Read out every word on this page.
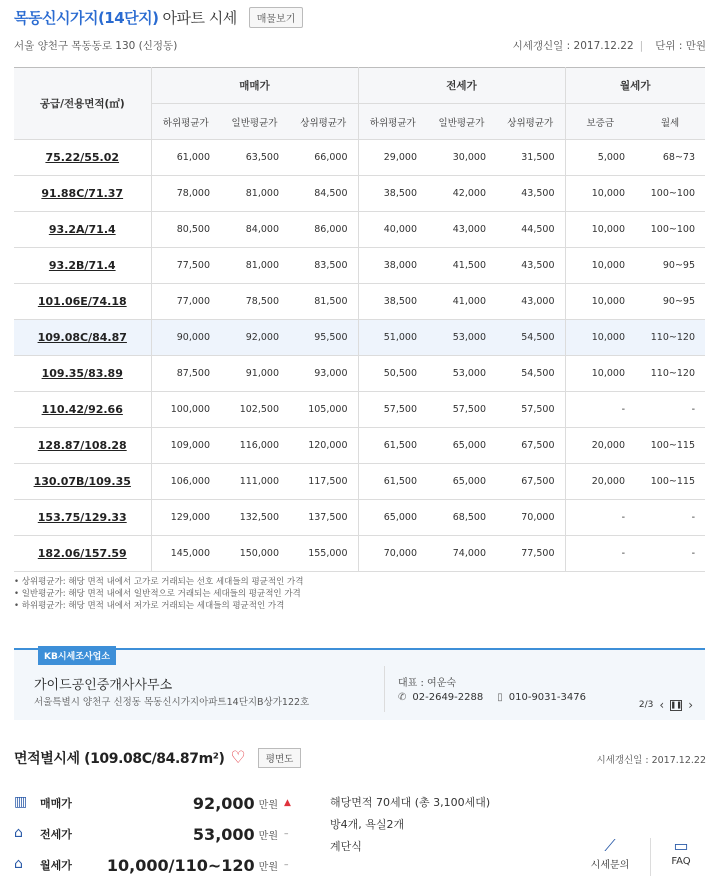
목동신시가지(14단지) 아파트 시세	매물보기
서울 양천구 목동동로 130 (신정동)	시세갱신일 : 2017.12.22 | 단위 : 만원
공급/전용면적(㎡)	매매가			전세가			월세가	
	하위평균가	일반평균가	상위평균가	하위평균가	일반평균가	상위평균가	보증금	월세
75.22/55.02	61,000	63,500	66,000	29,000	30,000	31,500	5,000	68~73
91.88C/71.37	78,000	81,000	84,500	38,500	42,000	43,500	10,000	100~100
93.2A/71.4	80,500	84,000	86,000	40,000	43,000	44,500	10,000	100~100
93.2B/71.4	77,500	81,000	83,500	38,000	41,500	43,500	10,000	90~95
101.06E/74.18	77,000	78,500	81,500	38,500	41,000	43,000	10,000	90~95
109.08C/84.87	90,000	92,000	95,500	51,000	53,000	54,500	10,000	110~120
109.35/83.89	87,500	91,000	93,000	50,500	53,000	54,500	10,000	110~120
110.42/92.66	100,000	102,500	105,000	57,500	57,500	57,500	-	-
128.87/108.28	109,000	116,000	120,000	61,500	65,000	67,500	20,000	100~115
130.07B/109.35	106,000	111,000	117,500	61,500	65,000	67,500	20,000	100~115
153.75/129.33	129,000	132,500	137,500	65,000	68,500	70,000	-	-
182.06/157.59	145,000	150,000	155,000	70,000	74,000	77,500	-	-
• 상위평균가: 해당 면적 내에서 고가로 거래되는 선호 세대들의 평균적인 가격
• 일반평균가: 해당 면적 내에서 일반적으로 거래되는 세대들의 평균적인 가격
• 하위평균가: 해당 면적 내에서 저가로 거래되는 세대들의 평균적인 가격
KB시세조사업소
가이드공인중개사사무소
서울특별시 양천구 신정동 목동신시가지아파트14단지B상가122호
대표 : 여운숙
✆ 02-2649-2288 ▯ 010-9031-3476
2/3 ‹ ❚❚ ›
면적별시세 (109.08C/84.87m²) ♡	평면도	시세갱신일 : 2017.12.22
▥	매매가	92,000 만원 ▲
⌂	전세가	53,000 만원 –
⌂	월세가	10,000/110~120 만원 –
해당면적 70세대 (총 3,100세대)
방4개, 욕실2개
계단식	⟋
시세문의
▭
FAQ
